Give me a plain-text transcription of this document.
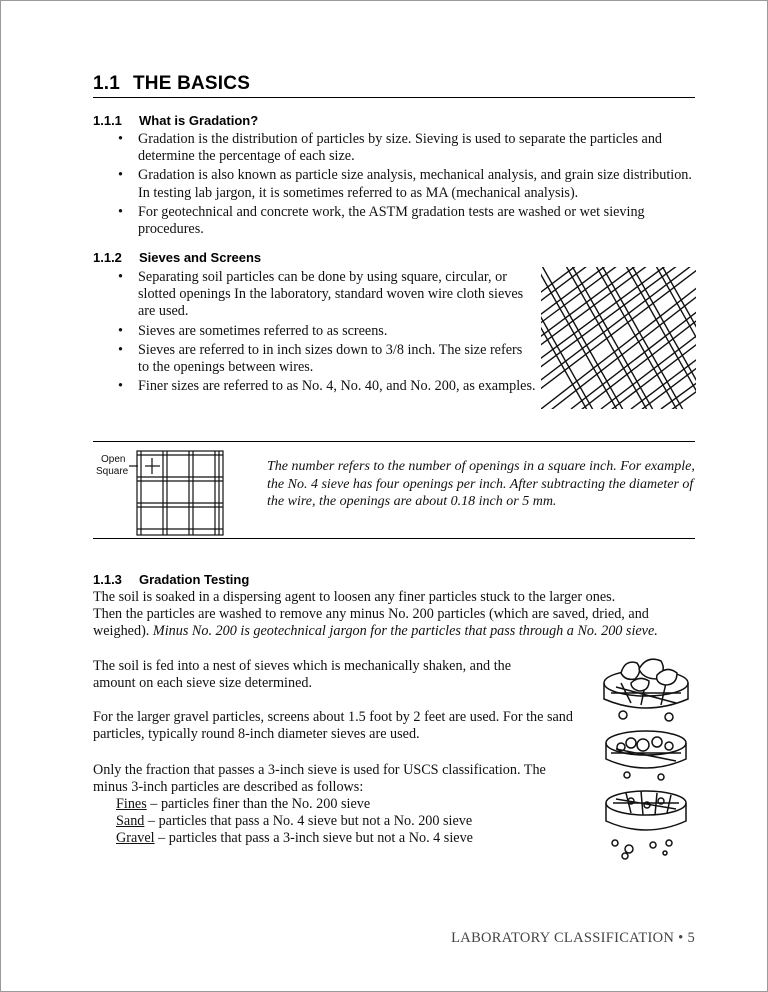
1.1 THE BASICS
1.1.1 What is Gradation?
• Gradation is the distribution of particles by size. Sieving is used to separate the particles and determine the percentage of each size.
• Gradation is also known as particle size analysis, mechanical analysis, and grain size distribution. In testing lab jargon, it is sometimes referred to as MA (mechanical analysis).
• For geotechnical and concrete work, the ASTM gradation tests are washed or wet sieving procedures.
1.1.2 Sieves and Screens
• Separating soil particles can be done by using square, circular, or slotted openings In the laboratory, standard woven wire cloth sieves are used.
• Sieves are sometimes referred to as screens.
• Sieves are referred to in inch sizes down to 3/8 inch. The size refers to the openings between wires.
• Finer sizes are referred to as No. 4, No. 40, and No. 200, as examples.
Open
Square	The number refers to the number of openings in a square inch. For example, the No. 4 sieve has four openings per inch. After subtracting the diameter of the wire, the openings are about 0.18 inch or 5 mm.
1.1.3 Gradation Testing

The soil is soaked in a dispersing agent to loosen any finer particles stuck to the larger ones.
Then the particles are washed to remove any minus No. 200 particles (which are saved, dried, and
weighed). Minus No. 200 is geotechnical jargon for the particles that pass through a No. 200 sieve.

The soil is fed into a nest of sieves which is mechanically shaken, and the amount on each sieve size determined.

For the larger gravel particles, screens about 1.5 foot by 2 feet are used. For the sand particles, typically round 8-inch diameter sieves are used.

Only the fraction that passes a 3-inch sieve is used for USCS classification. The minus 3-inch particles are described as follows:

Fines – particles finer than the No. 200 sieve
Sand – particles that pass a No. 4 sieve but not a No. 200 sieve
Gravel – particles that pass a 3-inch sieve but not a No. 4 sieve
LABORATORY CLASSIFICATION • 5
